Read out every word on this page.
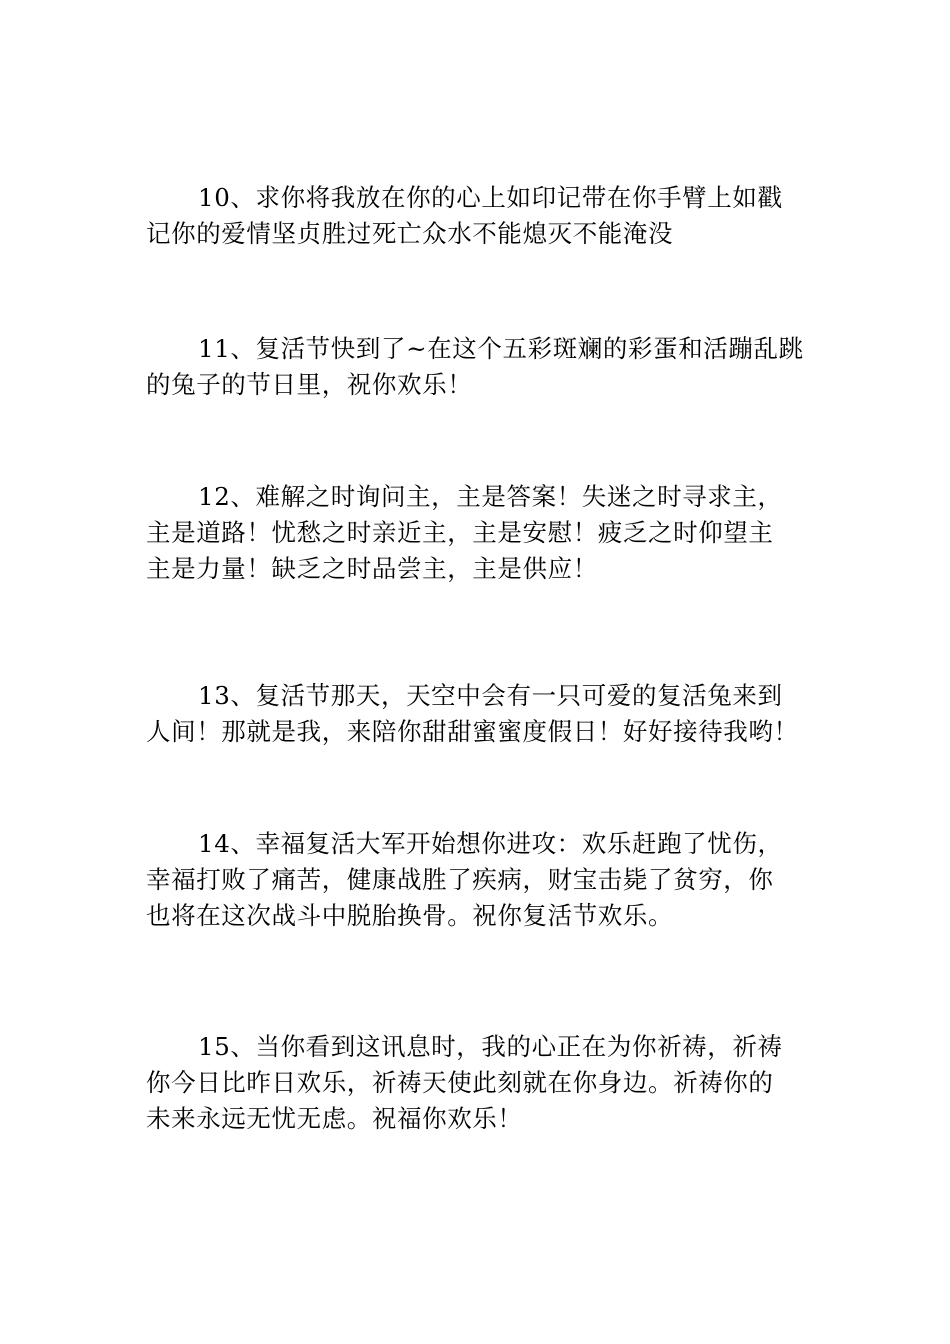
10、求你将我放在你的心上如印记带在你手臂上如戳
记你的爱情坚贞胜过死亡众水不能熄灭不能淹没

11、复活节快到了~在这个五彩斑斓的彩蛋和活蹦乱跳
的兔子的节日里，祝你欢乐！

12、难解之时询问主，主是答案！失迷之时寻求主，
主是道路！忧愁之时亲近主，主是安慰！疲乏之时仰望主
主是力量！缺乏之时品尝主，主是供应！

13、复活节那天，天空中会有一只可爱的复活兔来到
人间！那就是我，来陪你甜甜蜜蜜度假日！好好接待我哟！

14、幸福复活大军开始想你进攻：欢乐赶跑了忧伤，
幸福打败了痛苦，健康战胜了疾病，财宝击毙了贫穷，你
也将在这次战斗中脱胎换骨。祝你复活节欢乐。

15、当你看到这讯息时，我的心正在为你祈祷，祈祷
你今日比昨日欢乐，祈祷天使此刻就在你身边。祈祷你的
未来永远无忧无虑。祝福你欢乐！
